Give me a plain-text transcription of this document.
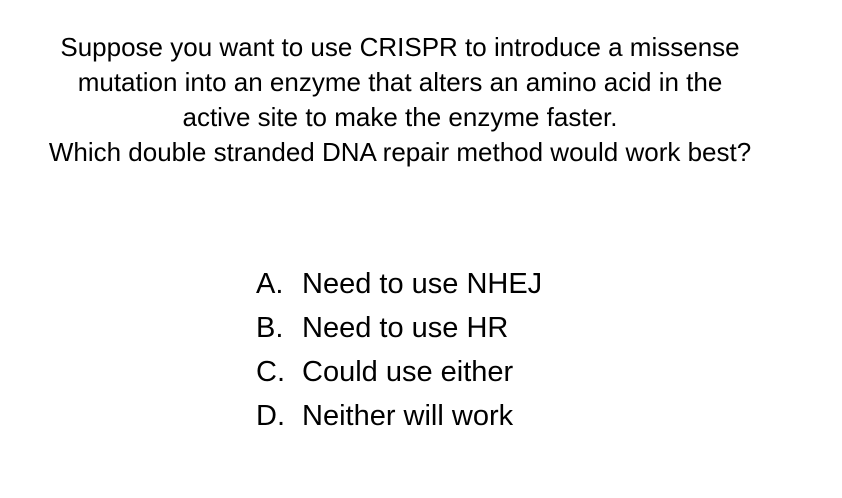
Suppose you want to use CRISPR to introduce a missense
mutation into an enzyme that alters an amino acid in the
active site to make the enzyme faster.
Which double stranded DNA repair method would work best?
A. Need to use NHEJ
B. Need to use HR
C. Could use either
D. Neither will work
